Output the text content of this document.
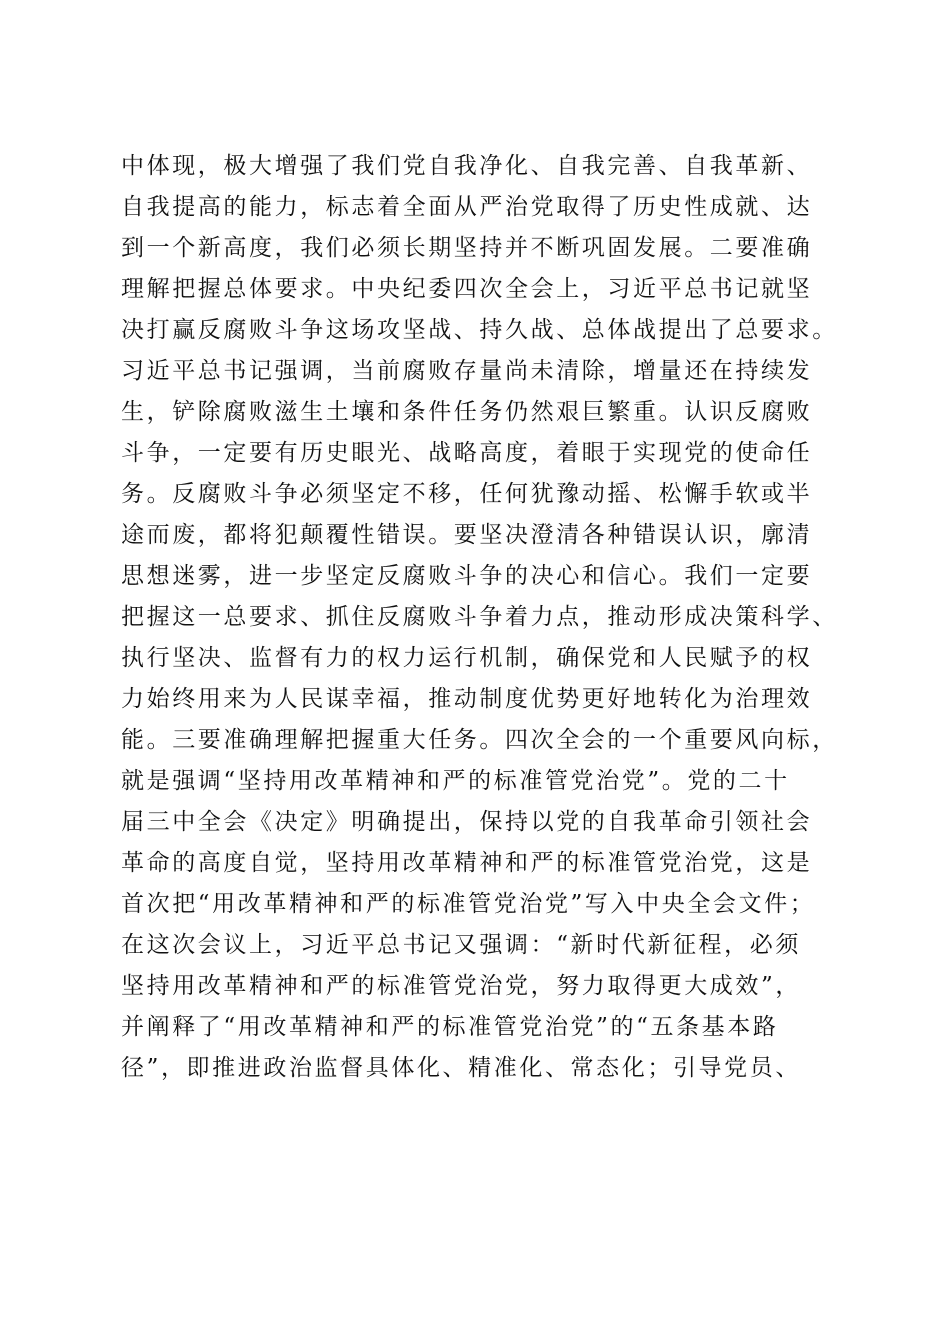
中体现，极大增强了我们党自我净化、自我完善、自我革新、
自我提高的能力，标志着全面从严治党取得了历史性成就、达
到一个新高度，我们必须长期坚持并不断巩固发展。二要准确
理解把握总体要求。中央纪委四次全会上，习近平总书记就坚
决打赢反腐败斗争这场攻坚战、持久战、总体战提出了总要求。
习近平总书记强调，当前腐败存量尚未清除，增量还在持续发
生，铲除腐败滋生土壤和条件任务仍然艰巨繁重。认识反腐败
斗争，一定要有历史眼光、战略高度，着眼于实现党的使命任
务。反腐败斗争必须坚定不移，任何犹豫动摇、松懈手软或半
途而废，都将犯颠覆性错误。要坚决澄清各种错误认识，廓清
思想迷雾，进一步坚定反腐败斗争的决心和信心。我们一定要
把握这一总要求、抓住反腐败斗争着力点，推动形成决策科学、
执行坚决、监督有力的权力运行机制，确保党和人民赋予的权
力始终用来为人民谋幸福，推动制度优势更好地转化为治理效
能。三要准确理解把握重大任务。四次全会的一个重要风向标，
就是强调“坚持用改革精神和严的标准管党治党”。党的二十
届三中全会《决定》明确提出，保持以党的自我革命引领社会
革命的高度自觉，坚持用改革精神和严的标准管党治党，这是
首次把“用改革精神和严的标准管党治党”写入中央全会文件；
在这次会议上，习近平总书记又强调：“新时代新征程，必须
坚持用改革精神和严的标准管党治党，努力取得更大成效”，
并阐释了“用改革精神和严的标准管党治党”的“五条基本路
径”，即推进政治监督具体化、精准化、常态化；引导党员、
